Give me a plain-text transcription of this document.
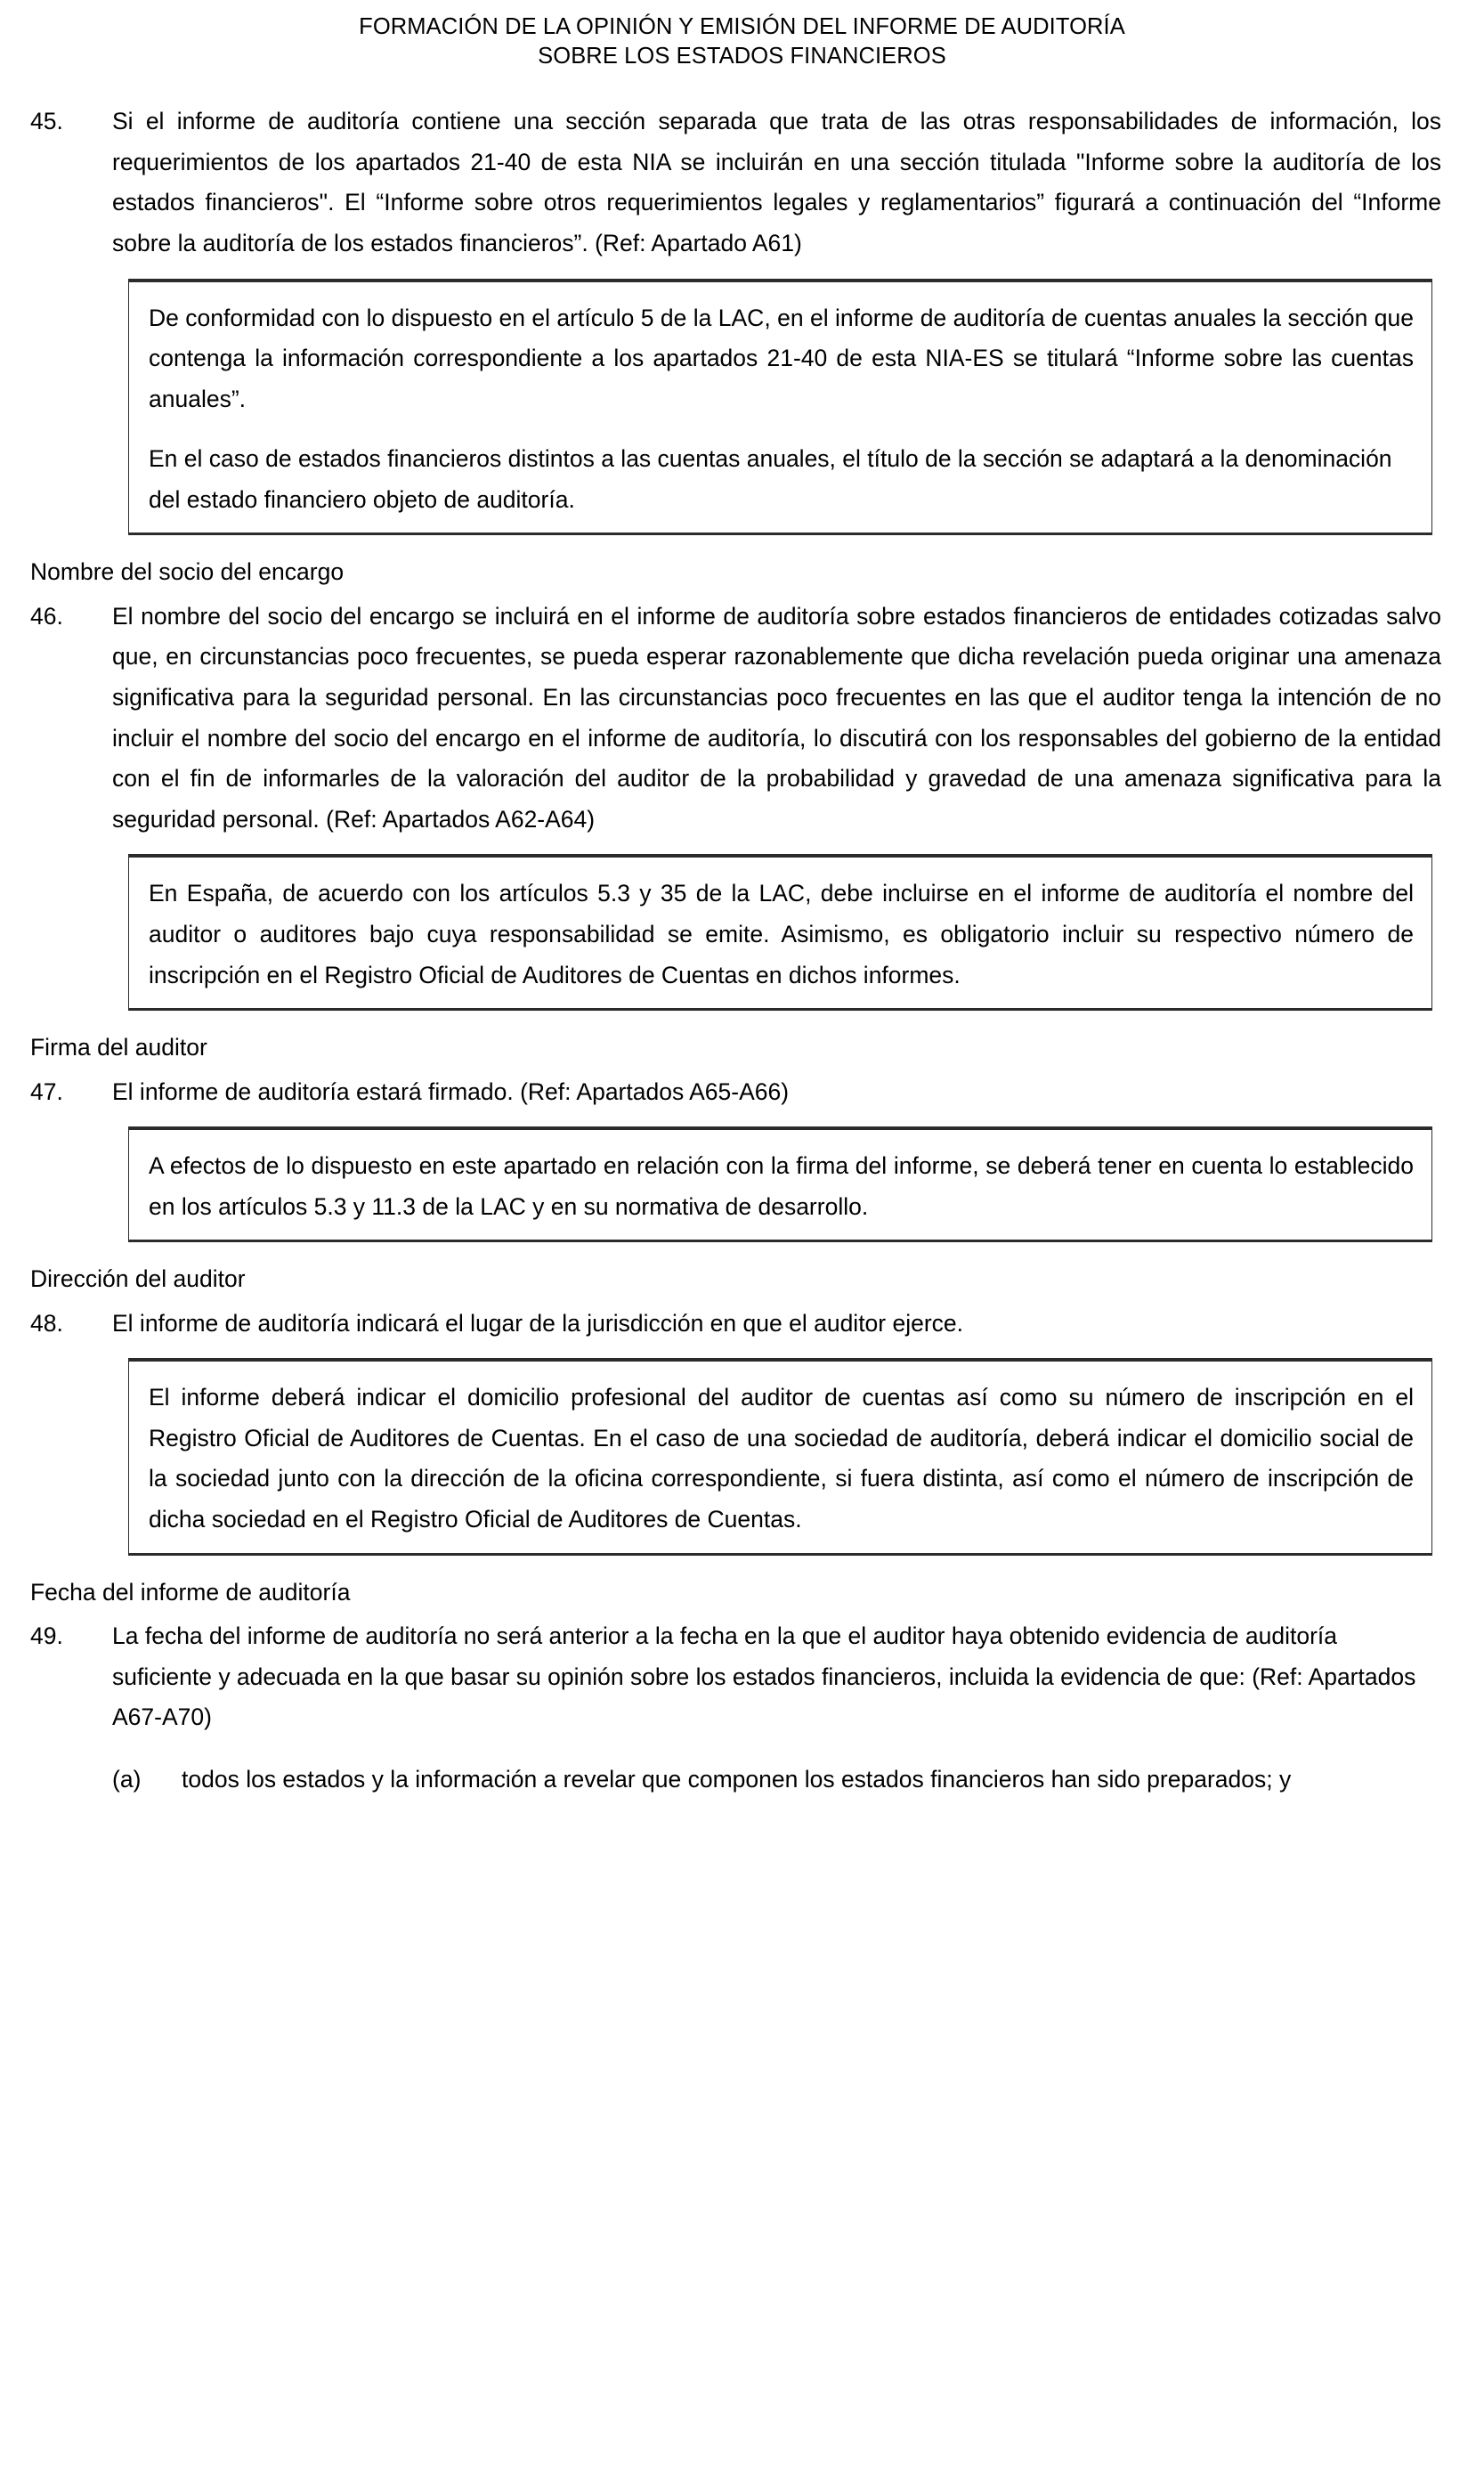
FORMACIÓN DE LA OPINIÓN Y EMISIÓN DEL INFORME DE AUDITORÍA
SOBRE LOS ESTADOS FINANCIEROS
45.	Si el informe de auditoría contiene una sección separada que trata de las otras responsabilidades de información, los requerimientos de los apartados 21-40 de esta NIA se incluirán en una sección titulada "Informe sobre la auditoría de los estados financieros". El “Informe sobre otros requerimientos legales y reglamentarios” figurará a continuación del “Informe sobre la auditoría de los estados financieros”. (Ref: Apartado A61)

De conformidad con lo dispuesto en el artículo 5 de la LAC, en el informe de auditoría de cuentas anuales la sección que contenga la información correspondiente a los apartados 21-40 de esta NIA-ES se titulará “Informe sobre las cuentas anuales”.

En el caso de estados financieros distintos a las cuentas anuales, el título de la sección se adaptará a la denominación del estado financiero objeto de auditoría.

Nombre del socio del encargo
46.	El nombre del socio del encargo se incluirá en el informe de auditoría sobre estados financieros de entidades cotizadas salvo que, en circunstancias poco frecuentes, se pueda esperar razonablemente que dicha revelación pueda originar una amenaza significativa para la seguridad personal. En las circunstancias poco frecuentes en las que el auditor tenga la intención de no incluir el nombre del socio del encargo en el informe de auditoría, lo discutirá con los responsables del gobierno de la entidad con el fin de informarles de la valoración del auditor de la probabilidad y gravedad de una amenaza significativa para la seguridad personal. (Ref: Apartados A62-A64)

En España, de acuerdo con los artículos 5.3 y 35 de la LAC, debe incluirse en el informe de auditoría el nombre del auditor o auditores bajo cuya responsabilidad se emite. Asimismo, es obligatorio incluir su respectivo número de inscripción en el Registro Oficial de Auditores de Cuentas en dichos informes.

Firma del auditor
47.	El informe de auditoría estará firmado. (Ref: Apartados A65-A66)

A efectos de lo dispuesto en este apartado en relación con la firma del informe, se deberá tener en cuenta lo establecido en los artículos 5.3 y 11.3 de la LAC y en su normativa de desarrollo.

Dirección del auditor
48.	El informe de auditoría indicará el lugar de la jurisdicción en que el auditor ejerce.

El informe deberá indicar el domicilio profesional del auditor de cuentas así como su número de inscripción en el Registro Oficial de Auditores de Cuentas. En el caso de una sociedad de auditoría, deberá indicar el domicilio social de la sociedad junto con la dirección de la oficina correspondiente, si fuera distinta, así como el número de inscripción de dicha sociedad en el Registro Oficial de Auditores de Cuentas.

Fecha del informe de auditoría
49.	La fecha del informe de auditoría no será anterior a la fecha en la que el auditor haya obtenido evidencia de auditoría suficiente y adecuada en la que basar su opinión sobre los estados financieros, incluida la evidencia de que: (Ref: Apartados A67-A70)
(a)	todos los estados y la información a revelar que componen los estados financieros han sido preparados; y
